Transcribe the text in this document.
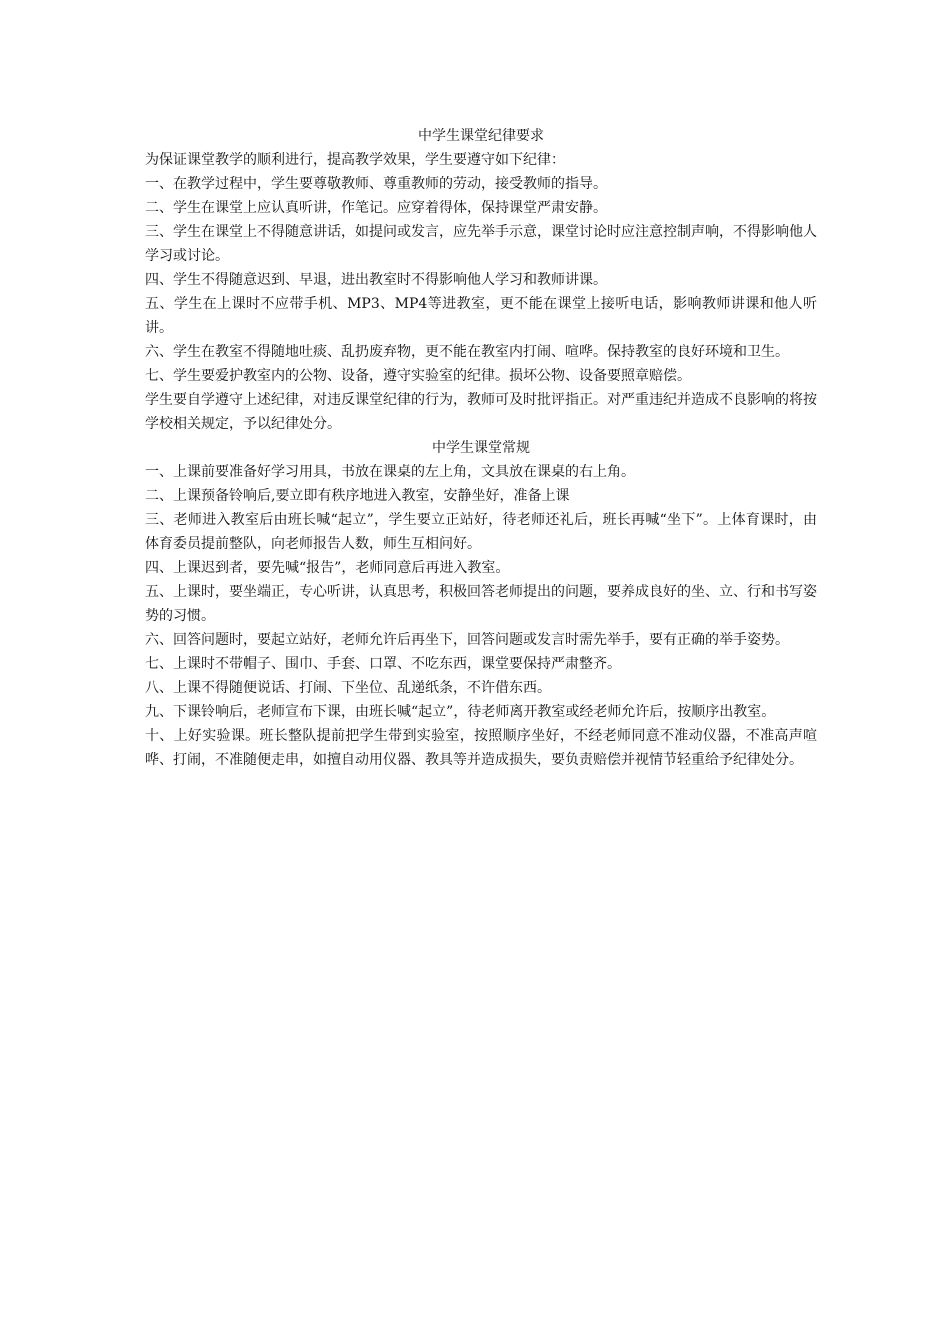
中学生课堂纪律要求

为保证课堂教学的顺利进行，提高教学效果，学生要遵守如下纪律：

一、在教学过程中，学生要尊敬教师、尊重教师的劳动，接受教师的指导。

二、学生在课堂上应认真听讲，作笔记。应穿着得体，保持课堂严肃安静。

三、学生在课堂上不得随意讲话，如提问或发言，应先举手示意，课堂讨论时应注意控制声响，不得影响他人学习或讨论。

四、学生不得随意迟到、早退，进出教室时不得影响他人学习和教师讲课。

五、学生在上课时不应带手机、MP3、MP4等进教室，更不能在课堂上接听电话，影响教师讲课和他人听讲。

六、学生在教室不得随地吐痰、乱扔废弃物，更不能在教室内打闹、喧哗。保持教室的良好环境和卫生。

七、学生要爱护教室内的公物、设备，遵守实验室的纪律。损坏公物、设备要照章赔偿。

学生要自学遵守上述纪律，对违反课堂纪律的行为，教师可及时批评指正。对严重违纪并造成不良影响的将按学校相关规定，予以纪律处分。

中学生课堂常规

一、上课前要准备好学习用具，书放在课桌的左上角，文具放在课桌的右上角。

二、上课预备铃响后,要立即有秩序地进入教室，安静坐好，准备上课

三、老师进入教室后由班长喊“起立”，学生要立正站好，待老师还礼后，班长再喊“坐下”。上体育课时，由体育委员提前整队，向老师报告人数，师生互相问好。

四、上课迟到者，要先喊“报告”，老师同意后再进入教室。

五、上课时，要坐端正，专心听讲，认真思考，积极回答老师提出的问题，要养成良好的坐、立、行和书写姿势的习惯。

六、回答问题时，要起立站好，老师允许后再坐下，回答问题或发言时需先举手，要有正确的举手姿势。

七、上课时不带帽子、围巾、手套、口罩、不吃东西，课堂要保持严肃整齐。

八、上课不得随便说话、打闹、下坐位、乱递纸条，不许借东西。

九、下课铃响后，老师宣布下课，由班长喊“起立”，待老师离开教室或经老师允许后，按顺序出教室。

十、上好实验课。班长整队提前把学生带到实验室，按照顺序坐好，不经老师同意不准动仪器，不准高声喧哗、打闹，不准随便走串，如擅自动用仪器、教具等并造成损失，要负责赔偿并视情节轻重给予纪律处分。
